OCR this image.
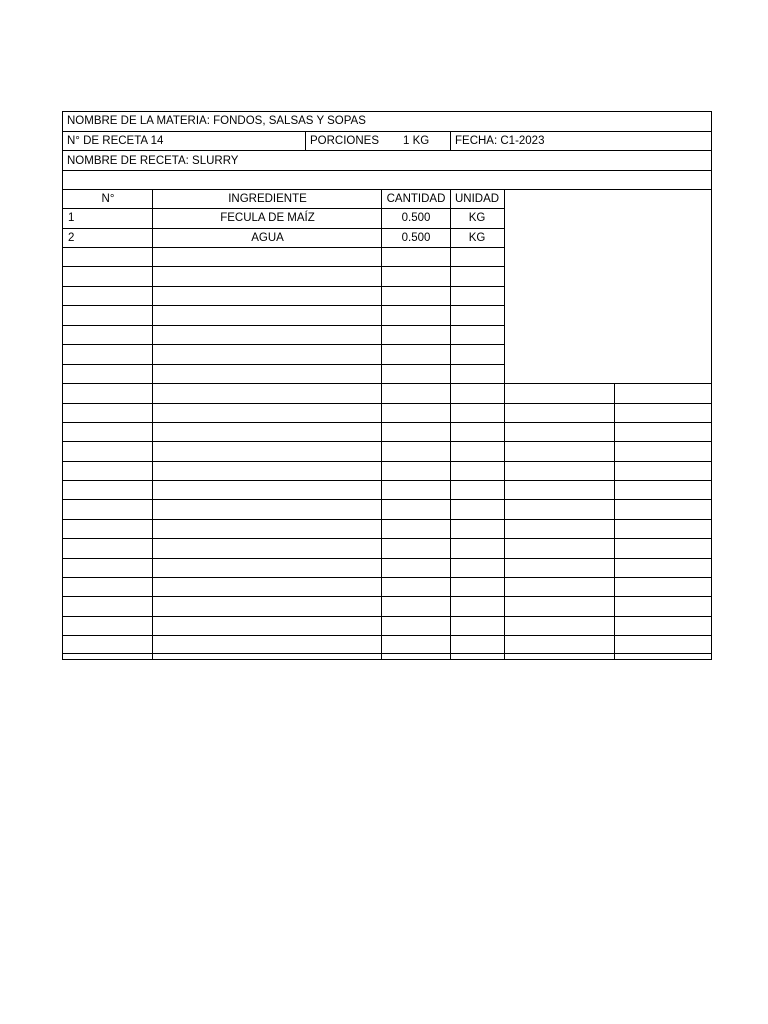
NOMBRE DE LA MATERIA: FONDOS, SALSAS Y SOPAS
N° DE RECETA 14	PORCIONES	1 KG	FECHA: C1-2023
NOMBRE DE RECETA: SLURRY
N°	INGREDIENTE	CANTIDAD UNIDAD
1	FECULA DE MAÍZ	0.500	KG
2	AGUA	0.500	KG
